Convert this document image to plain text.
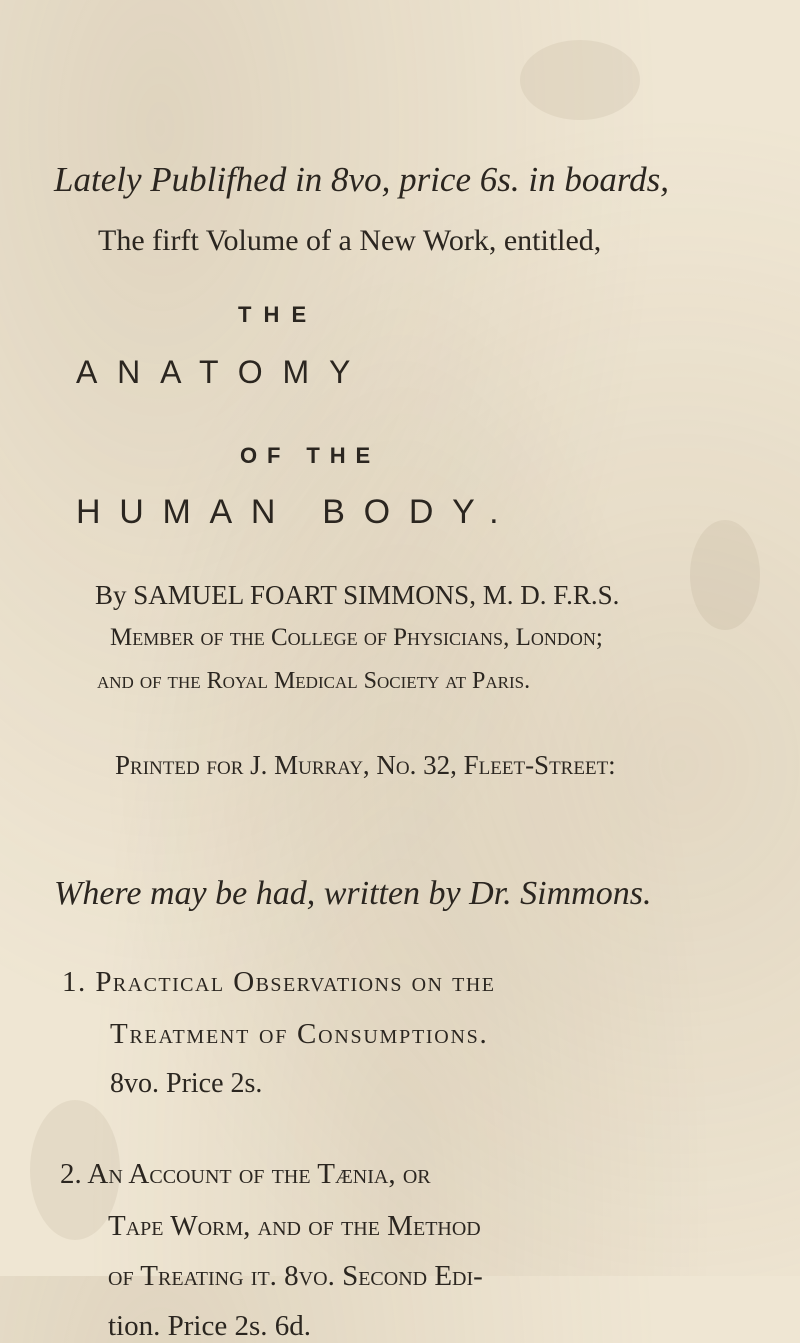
Lately Publifhed in 8vo, price 6s. in boards,

The firft Volume of a New Work, entitled,

THE

ANATOMY

OF THE

HUMAN BODY.

By SAMUEL FOART SIMMONS, M. D. F.R.S.

Member of the College of Physicians, London;

and of the Royal Medical Society at Paris.

Printed for J. Murray, No. 32, Fleet-Street:

Where may be had, written by Dr. Simmons.

1. Practical Observations on the

Treatment of Consumptions.

8vo. Price 2s.

2. An Account of the Tænia, or

Tape Worm, and of the Method

of Treating it. 8vo. Second Edi-

tion. Price 2s. 6d.
